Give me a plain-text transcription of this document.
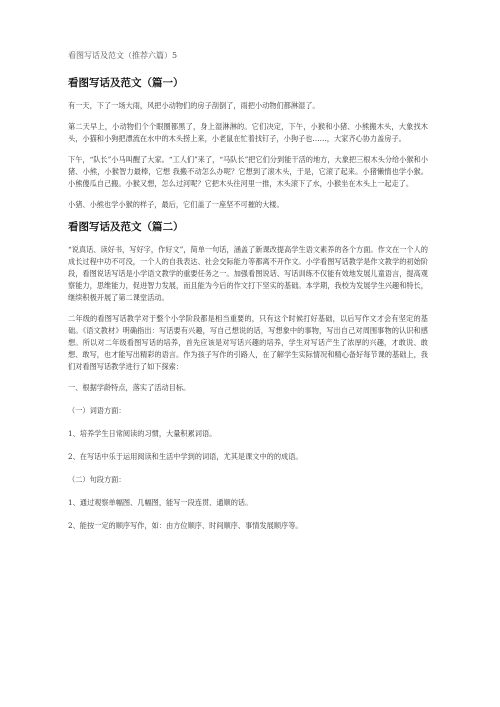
看图写话及范文（推荐六篇）5
看图写话及范文（篇一）

有一天，下了一场大雨，风把小动物们的房子刮倒了，雨把小动物们都淋湿了。

第二天早上，小动物们个个眼圈都黑了，身上湿淋淋的。它们决定，下午，小猴和小猪、小熊搬木头，大象找木头，小猫和小狗把漂流在水中的木头捞上来，小老鼠在忙着找钉子，小狗子也……，大家齐心协力盖房子。

下午，“队长”小马叫醒了大家。“工人们”来了，“马队长”把它们分到能干活的地方，大象把三根木头分给小猴和小猪、小熊，小猴智力最棒，它想 我搬不动怎么办呢？它想到了滚木头，于是，它滚了起来。小猪懒惰也学小猴。小熊傻瓜自己搬。小猴又想，怎么过河呢？它把木头往河里一推，木头滚下了水，小猴坐在木头上一起走了。

小猪、小熊也学小猴的样子，最后，它们盖了一座坚不可摧的大楼。

看图写话及范文（篇二）

“说真话、读好书，写好字，作好文”，简单一句话，涵盖了新课改提高学生语文素养的各个方面。作文在一个人的成长过程中功不可没，一个人的自我表达、社会交际能力等都离不开作文。小学看图写话教学是作文教学的初始阶段，看图说话写话是小学语文教学的重要任务之一。加强看图说话、写话训练不仅能有效地发展儿童语言，提高观察能力，思维能力，促进智力发展，而且能为今后的作文打下坚实的基础。本学期，我校为发展学生兴趣和特长，继续积极开展了第二课堂活动。

二年级的看图写话教学对于整个小学阶段都是相当重要的，只有这个时候打好基础，以后写作文才会有坚定的基础。《语文教材》明确指出：写话要有兴趣，写自己想说的话，写想象中的事物，写出自己对周围事物的认识和感想。所以对二年级看图写话的培养，首先应该是对写话兴趣的培养，学生对写话产生了浓厚的兴趣，才敢说、敢想、敢写，也才能写出精彩的语言。作为孩子写作的引路人，在了解学生实际情况和精心备好每节课的基础上，我们对看图写话教学进行了如下探索：

一、根据学龄特点，落实了活动目标。
（一）词语方面：
1、培养学生日常阅读的习惯，大量积累词语。
2、在写话中乐于运用阅读和生活中学到的词语，尤其是课文中的的成语。
（二）句段方面：
1、通过观察单幅图、几幅图，能写一段连贯、通顺的话。
2、能按一定的顺序写作，如：由方位顺序、时间顺序、事情发展顺序等。
